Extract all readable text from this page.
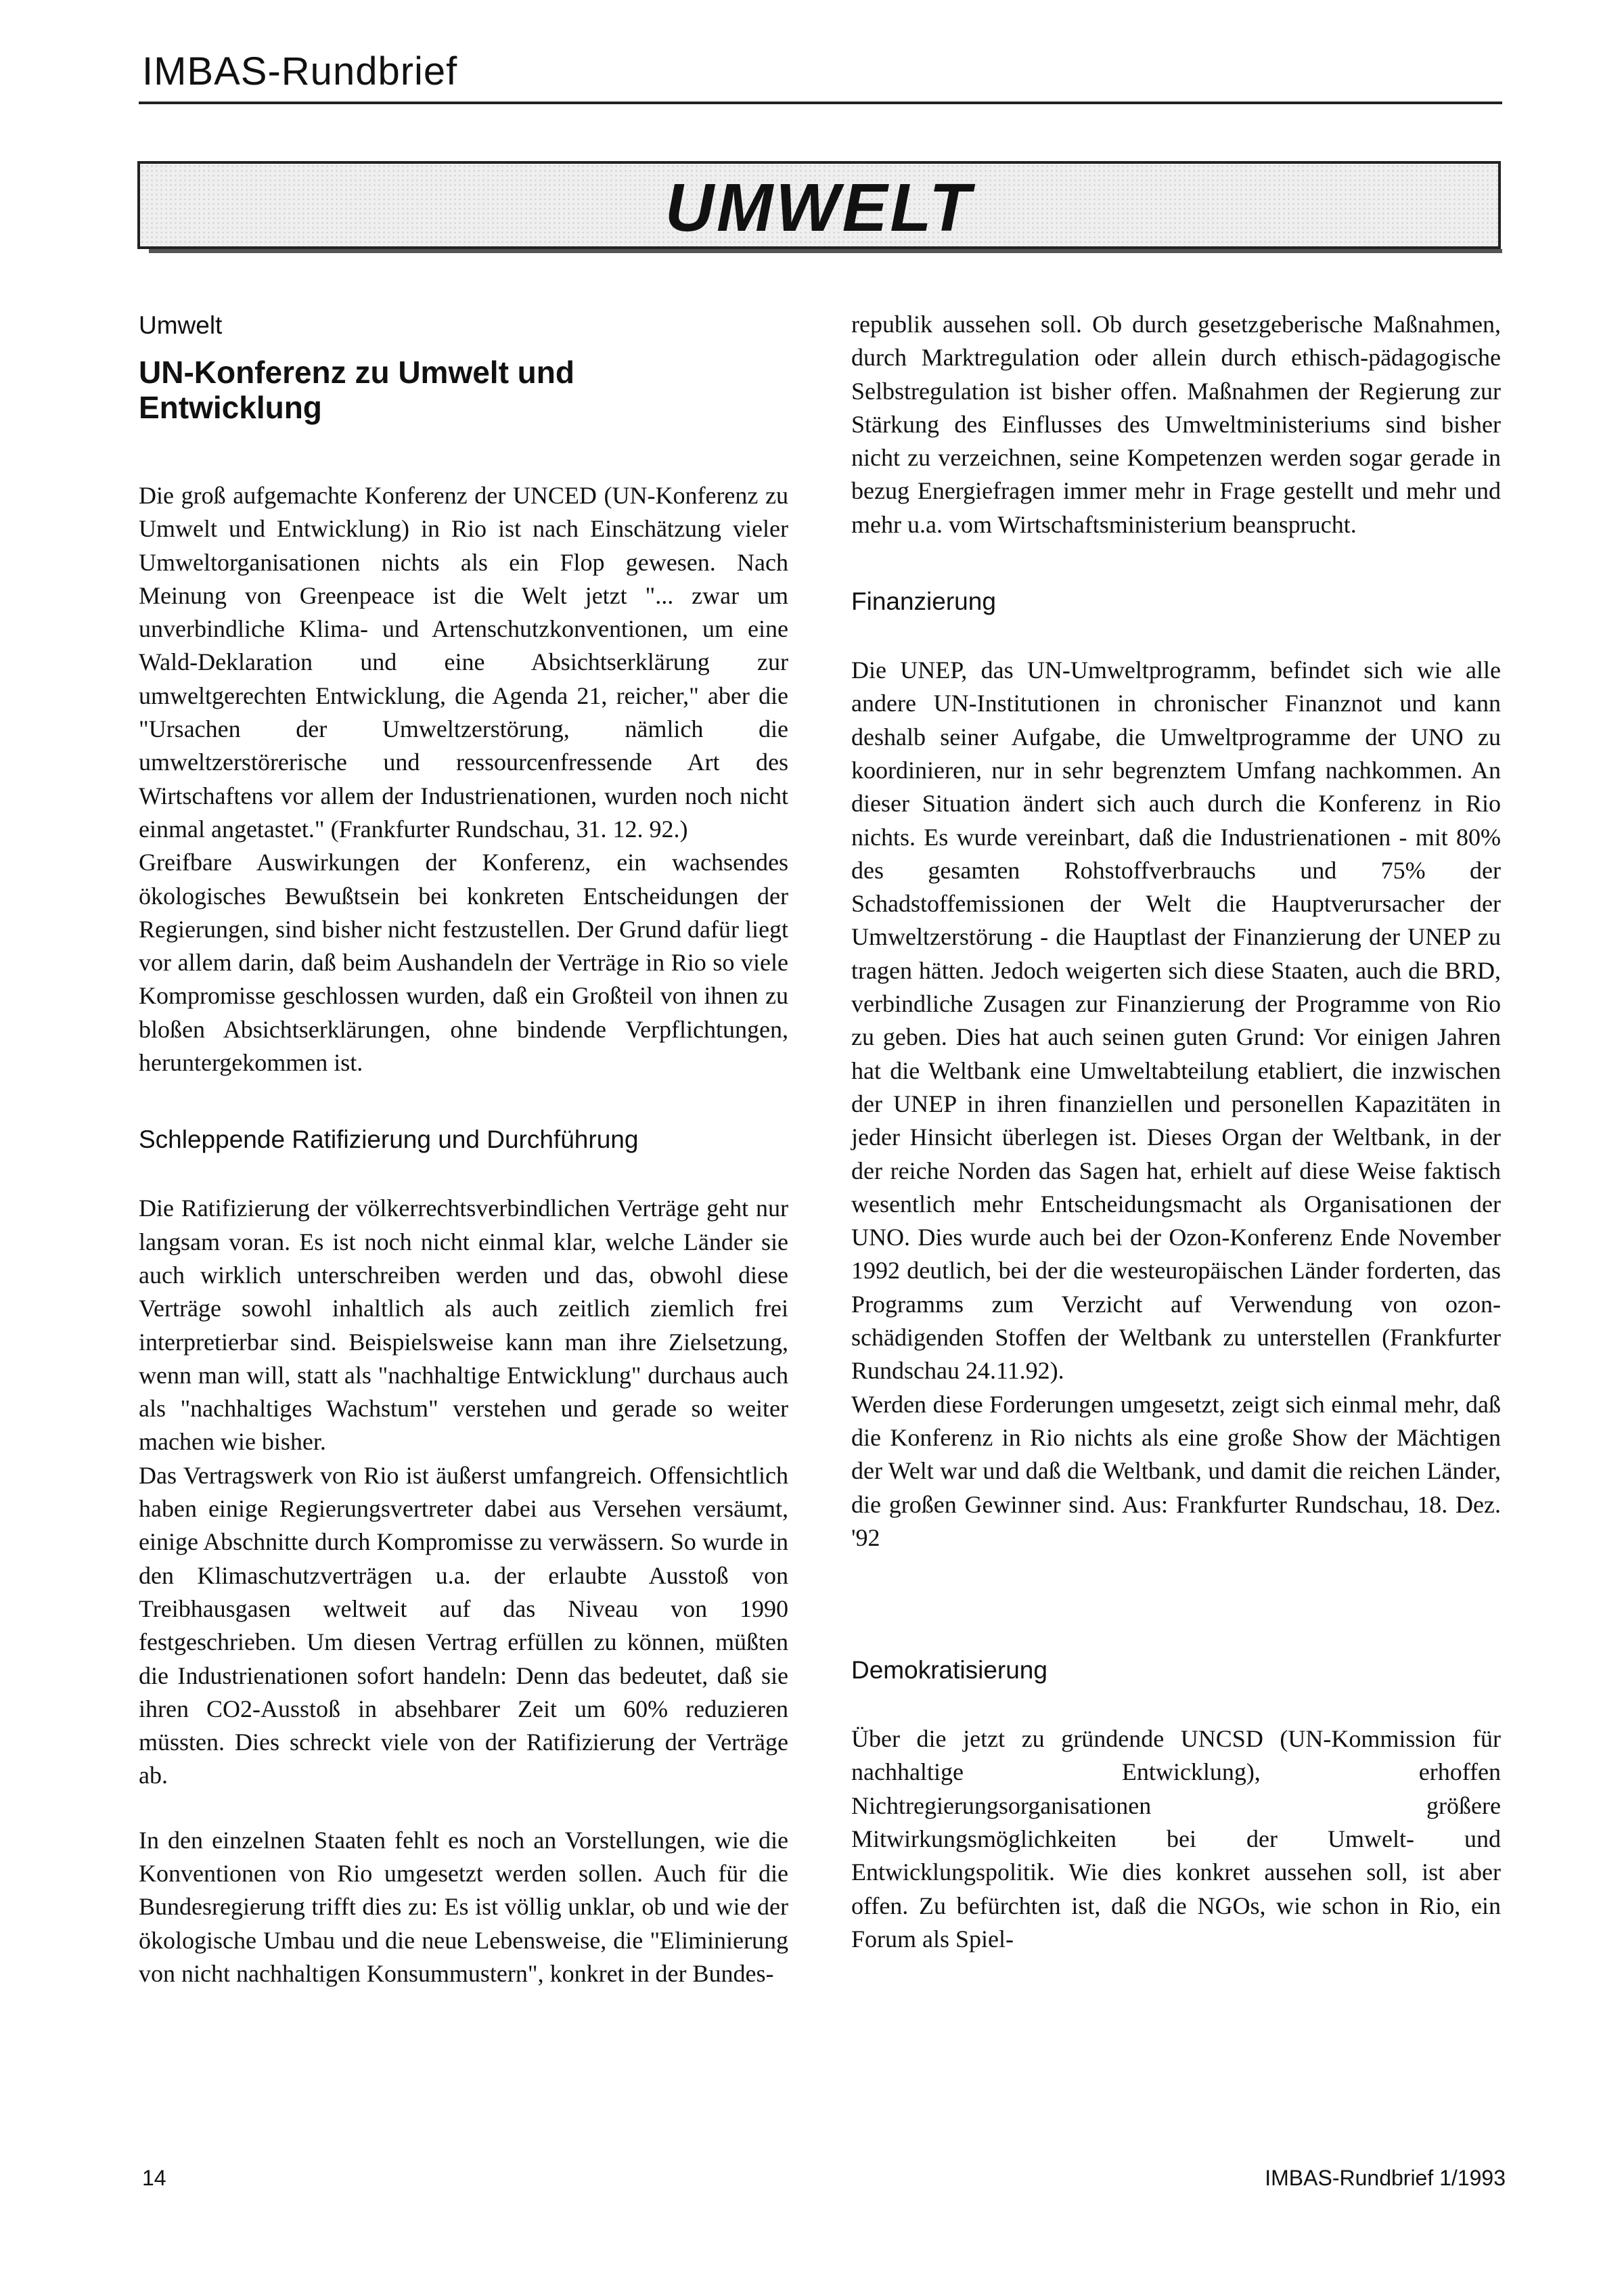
IMBAS-Rundbrief
UMWELT
Umwelt
UN-Konferenz zu Umwelt und Entwicklung

Die groß aufgemachte Konferenz der UNCED (UN-Konferenz zu Umwelt und Entwicklung) in Rio ist nach Einschätzung vieler Umweltorganisationen nichts als ein Flop gewesen. Nach Meinung von Greenpeace ist die Welt jetzt "... zwar um unverbindliche Klima- und Artenschutzkonventionen, um eine Wald-Deklaration und eine Absichtserklärung zur umweltgerechten Entwicklung, die Agenda 21, reicher," aber die "Ursachen der Umweltzerstörung, nämlich die umweltzerstörerische und ressourcenfressende Art des Wirtschaftens vor allem der Industrienationen, wurden noch nicht einmal angetastet." (Frankfurter Rundschau, 31. 12. 92.)

Greifbare Auswirkungen der Konferenz, ein wachsendes ökologisches Bewußtsein bei konkreten Entscheidungen der Regierungen, sind bisher nicht festzustellen. Der Grund dafür liegt vor allem darin, daß beim Aushandeln der Verträge in Rio so viele Kompromisse geschlossen wurden, daß ein Großteil von ihnen zu bloßen Absichtserklärungen, ohne bindende Verpflichtungen, heruntergekommen ist.

Schleppende Ratifizierung und Durchführung

Die Ratifizierung der völkerrechtsverbindlichen Verträge geht nur langsam voran. Es ist noch nicht einmal klar, welche Länder sie auch wirklich unterschreiben werden und das, obwohl diese Verträge sowohl inhaltlich als auch zeitlich ziemlich frei interpretierbar sind. Beispielsweise kann man ihre Zielsetzung, wenn man will, statt als "nachhaltige Entwicklung" durchaus auch als "nachhaltiges Wachstum" verstehen und gerade so weiter machen wie bisher.

Das Vertragswerk von Rio ist äußerst umfangreich. Offensichtlich haben einige Regierungsvertreter dabei aus Versehen versäumt, einige Abschnitte durch Kompromisse zu verwässern. So wurde in den Klimaschutzverträgen u.a. der erlaubte Ausstoß von Treibhausgasen weltweit auf das Niveau von 1990 festgeschrieben. Um diesen Vertrag erfüllen zu können, müßten die Industrienationen sofort handeln: Denn das bedeutet, daß sie ihren CO2-Ausstoß in absehbarer Zeit um 60% reduzieren müssten. Dies schreckt viele von der Ratifizierung der Verträge ab.

In den einzelnen Staaten fehlt es noch an Vorstellungen, wie die Konventionen von Rio umgesetzt werden sollen. Auch für die Bundesregierung trifft dies zu: Es ist völlig unklar, ob und wie der ökologische Umbau und die neue Lebensweise, die "Eliminierung von nicht nachhaltigen Konsummustern", konkret in der Bundes-

republik aussehen soll. Ob durch gesetzgeberische Maßnahmen, durch Marktregulation oder allein durch ethisch-pädagogische Selbstregulation ist bisher offen. Maßnahmen der Regierung zur Stärkung des Einflusses des Umweltministeriums sind bisher nicht zu verzeichnen, seine Kompetenzen werden sogar gerade in bezug Energiefragen immer mehr in Frage gestellt und mehr und mehr u.a. vom Wirtschaftsministerium beansprucht.

Finanzierung

Die UNEP, das UN-Umweltprogramm, befindet sich wie alle andere UN-Institutionen in chronischer Finanznot und kann deshalb seiner Aufgabe, die Umweltprogramme der UNO zu koordinieren, nur in sehr begrenztem Umfang nachkommen. An dieser Situation ändert sich auch durch die Konferenz in Rio nichts. Es wurde vereinbart, daß die Industrienationen - mit 80% des gesamten Rohstoffverbrauchs und 75% der Schadstoffemissionen der Welt die Hauptverursacher der Umweltzerstörung - die Hauptlast der Finanzierung der UNEP zu tragen hätten. Jedoch weigerten sich diese Staaten, auch die BRD, verbindliche Zusagen zur Finanzierung der Programme von Rio zu geben. Dies hat auch seinen guten Grund: Vor einigen Jahren hat die Weltbank eine Umweltabteilung etabliert, die inzwischen der UNEP in ihren finanziellen und personellen Kapazitäten in jeder Hinsicht überlegen ist. Dieses Organ der Weltbank, in der der reiche Norden das Sagen hat, erhielt auf diese Weise faktisch wesentlich mehr Entscheidungsmacht als Organisationen der UNO. Dies wurde auch bei der Ozon-Konferenz Ende November 1992 deutlich, bei der die westeuropäischen Länder forderten, das Programms zum Verzicht auf Verwendung von ozon-schädigenden Stoffen der Weltbank zu unterstellen (Frankfurter Rundschau 24.11.92).

Werden diese Forderungen umgesetzt, zeigt sich einmal mehr, daß die Konferenz in Rio nichts als eine große Show der Mächtigen der Welt war und daß die Weltbank, und damit die reichen Länder, die großen Gewinner sind. Aus: Frankfurter Rundschau, 18. Dez. '92

Demokratisierung

Über die jetzt zu gründende UNCSD (UN-Kommission für nachhaltige Entwicklung), erhoffen Nichtregierungsorganisationen größere Mitwirkungsmöglichkeiten bei der Umwelt- und Entwicklungspolitik. Wie dies konkret aussehen soll, ist aber offen. Zu befürchten ist, daß die NGOs, wie schon in Rio, ein Forum als Spiel-

14	IMBAS-Rundbrief 1/1993
